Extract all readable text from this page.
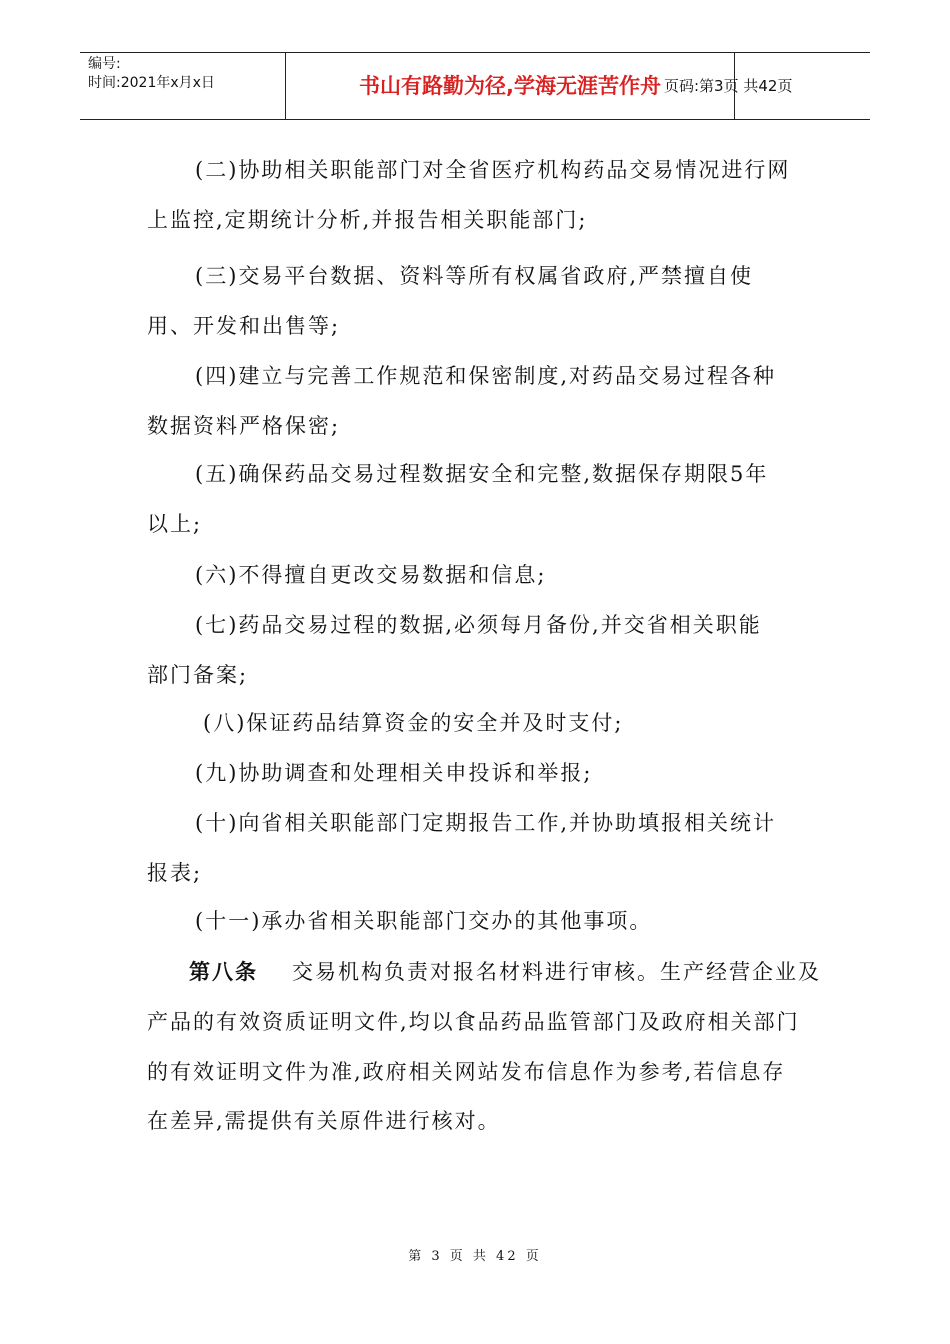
编号:
时间:2021年x月x日	书山有路勤为径,学海无涯苦作舟 页码:第3页 共42页
(二)协助相关职能部门对全省医疗机构药品交易情况进行网
上监控,定期统计分析,并报告相关职能部门;
(三)交易平台数据、资料等所有权属省政府,严禁擅自使
用、开发和出售等;
(四)建立与完善工作规范和保密制度,对药品交易过程各种
数据资料严格保密;
(五)确保药品交易过程数据安全和完整,数据保存期限5年
以上;
(六)不得擅自更改交易数据和信息;
(七)药品交易过程的数据,必须每月备份,并交省相关职能
部门备案;
(八)保证药品结算资金的安全并及时支付;
(九)协助调查和处理相关申投诉和举报;
(十)向省相关职能部门定期报告工作,并协助填报相关统计
报表;
(十一)承办省相关职能部门交办的其他事项。
第八条 交易机构负责对报名材料进行审核。生产经营企业及
产品的有效资质证明文件,均以食品药品监管部门及政府相关部门
的有效证明文件为准,政府相关网站发布信息作为参考,若信息存
在差异,需提供有关原件进行核对。
第 3 页 共 42 页
